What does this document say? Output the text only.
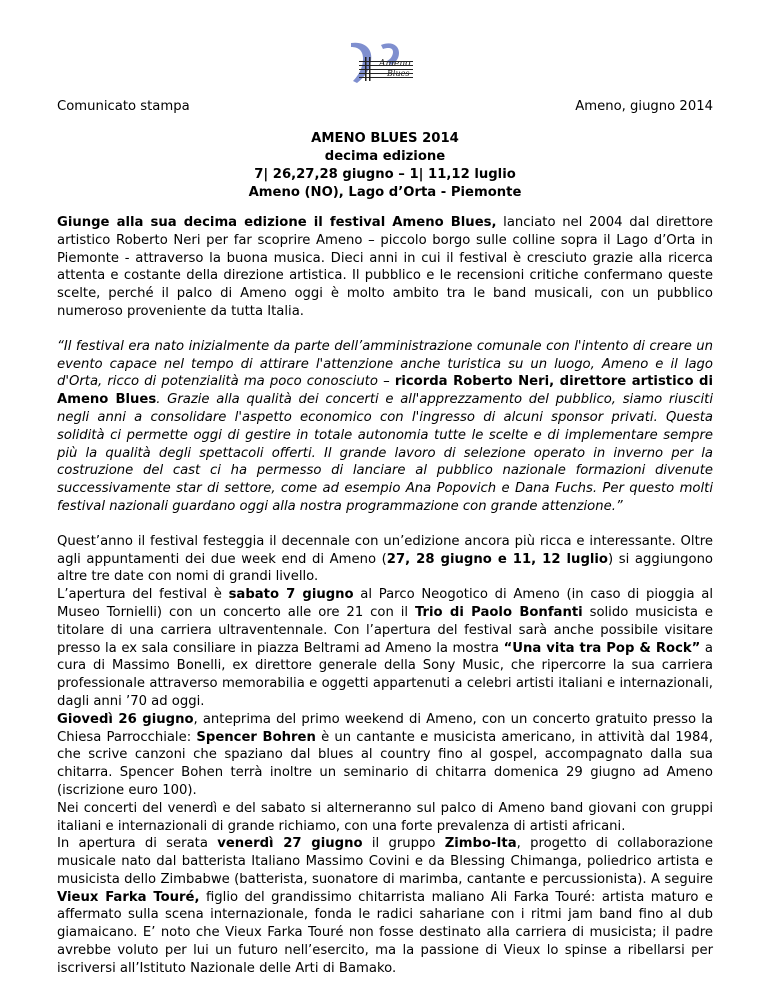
Ameno
Blues
Comunicato stampa	Ameno, giugno 2014
AMENO BLUES 2014
decima edizione
7| 26,27,28 giugno – 1| 11,12 luglio
Ameno (NO), Lago d’Orta - Piemonte

Giunge alla sua decima edizione il festival Ameno Blues, lanciato nel 2004 dal direttore artistico Roberto Neri per far scoprire Ameno – piccolo borgo sulle colline sopra il Lago d’Orta in Piemonte - attraverso la buona musica. Dieci anni in cui il festival è cresciuto grazie alla ricerca attenta e costante della direzione artistica. Il pubblico e le recensioni critiche confermano queste scelte, perché il palco di Ameno oggi è molto ambito tra le band musicali, con un pubblico numeroso proveniente da tutta Italia.

“Il festival era nato inizialmente da parte dell’amministrazione comunale con l'intento di creare un evento capace nel tempo di attirare l'attenzione anche turistica su un luogo, Ameno e il lago d'Orta, ricco di potenzialità ma poco conosciuto – ricorda Roberto Neri, direttore artistico di Ameno Blues. Grazie alla qualità dei concerti e all'apprezzamento del pubblico, siamo riusciti negli anni a consolidare l'aspetto economico con l'ingresso di alcuni sponsor privati. Questa solidità ci permette oggi di gestire in totale autonomia tutte le scelte e di implementare sempre più la qualità degli spettacoli offerti. Il grande lavoro di selezione operato in inverno per la costruzione del cast ci ha permesso di lanciare al pubblico nazionale formazioni divenute successivamente star di settore, come ad esempio Ana Popovich e Dana Fuchs. Per questo molti festival nazionali guardano oggi alla nostra programmazione con grande attenzione.”

Quest’anno il festival festeggia il decennale con un’edizione ancora più ricca e interessante. Oltre agli appuntamenti dei due week end di Ameno (27, 28 giugno e 11, 12 luglio) si aggiungono altre tre date con nomi di grandi livello.

L’apertura del festival è sabato 7 giugno al Parco Neogotico di Ameno (in caso di pioggia al Museo Tornielli) con un concerto alle ore 21 con il Trio di Paolo Bonfanti solido musicista e titolare di una carriera ultraventennale. Con l’apertura del festival sarà anche possibile visitare presso la ex sala consiliare in piazza Beltrami ad Ameno la mostra “Una vita tra Pop & Rock” a cura di Massimo Bonelli, ex direttore generale della Sony Music, che ripercorre la sua carriera professionale attraverso memorabilia e oggetti appartenuti a celebri artisti italiani e internazionali, dagli anni ’70 ad oggi.

Giovedì 26 giugno, anteprima del primo weekend di Ameno, con un concerto gratuito presso la Chiesa Parrocchiale: Spencer Bohren è un cantante e musicista americano, in attività dal 1984, che scrive canzoni che spaziano dal blues al country fino al gospel, accompagnato dalla sua chitarra. Spencer Bohen terrà inoltre un seminario di chitarra domenica 29 giugno ad Ameno (iscrizione euro 100).

Nei concerti del venerdì e del sabato si alterneranno sul palco di Ameno band giovani con gruppi italiani e internazionali di grande richiamo, con una forte prevalenza di artisti africani.

In apertura di serata venerdì 27 giugno il gruppo Zimbo-Ita, progetto di collaborazione musicale nato dal batterista Italiano Massimo Covini e da Blessing Chimanga, poliedrico artista e musicista dello Zimbabwe (batterista, suonatore di marimba, cantante e percussionista). A seguire Vieux Farka Touré, figlio del grandissimo chitarrista maliano Ali Farka Touré: artista maturo e affermato sulla scena internazionale, fonda le radici sahariane con i ritmi jam band fino al dub giamaicano. E’ noto che Vieux Farka Touré non fosse destinato alla carriera di musicista; il padre avrebbe voluto per lui un futuro nell’esercito, ma la passione di Vieux lo spinse a ribellarsi per iscriversi all’Istituto Nazionale delle Arti di Bamako.
